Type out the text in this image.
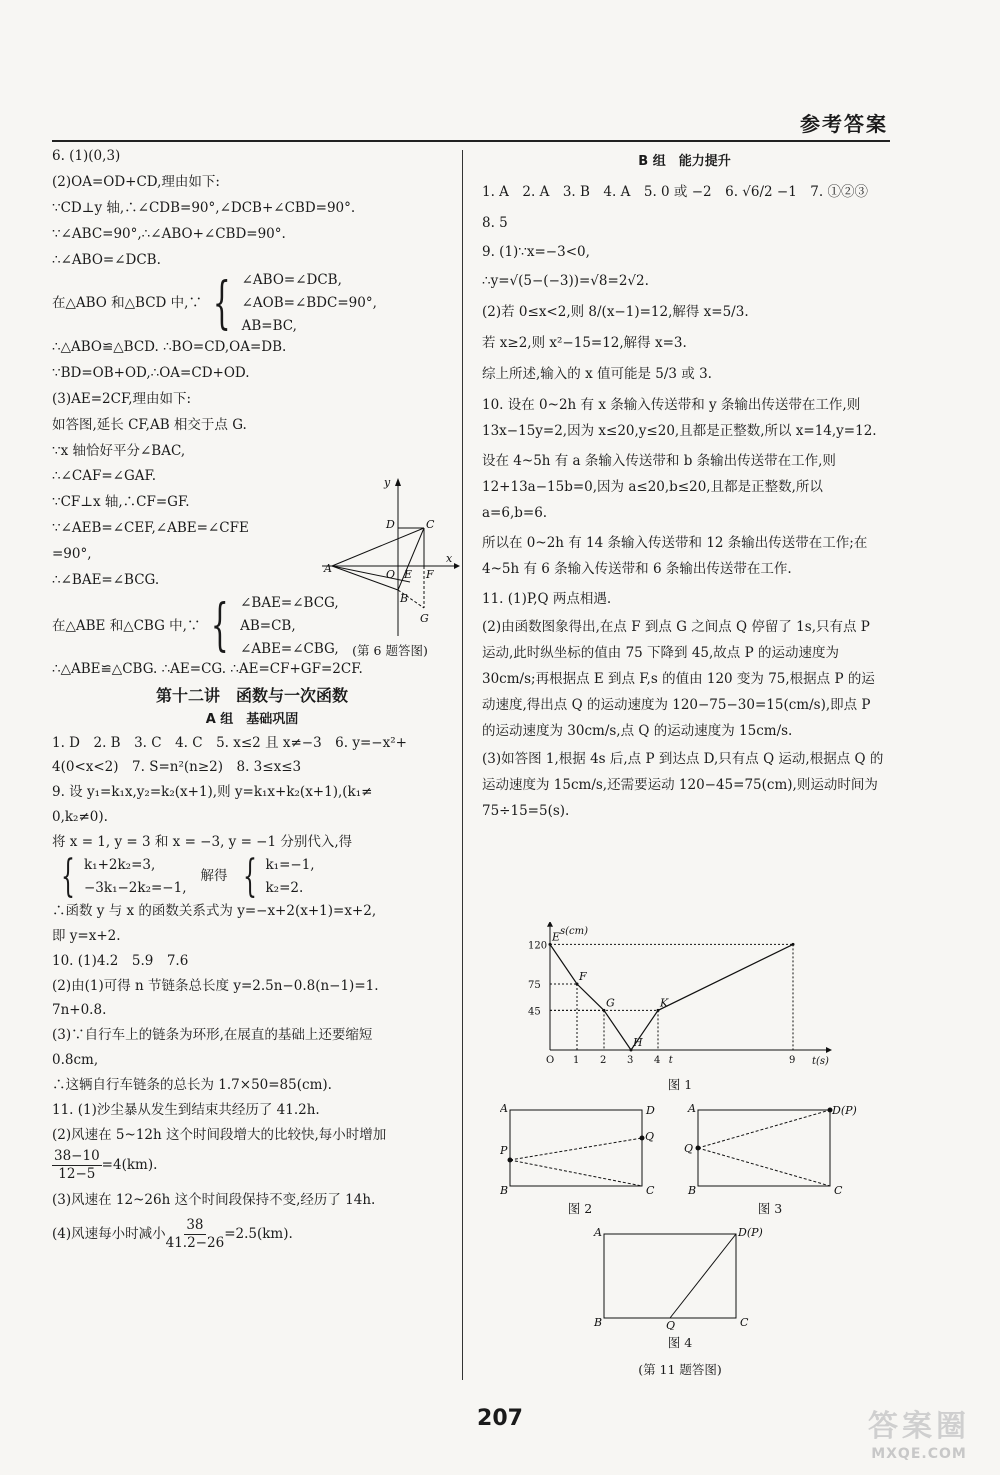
参考答案

6. (1)(0,3)

(2)OA=OD+CD,理由如下:

∵CD⊥y 轴,∴∠CDB=90°,∠DCB+∠CBD=90°.

∵∠ABC=90°,∴∠ABO+∠CBD=90°.

∴∠ABO=∠DCB.

在△ABO 和△BCD 中,∵ { ∠ABO=∠DCB,
∠AOB=∠BDC=90°,
AB=BC,

∴△ABO≌△BCD. ∴BO=CD,OA=DB.

∵BD=OB+OD,∴OA=CD+OD.

(3)AE=2CF,理由如下:

如答图,延长 CF,AB 相交于点 G.

∵x 轴恰好平分∠BAC,

∴∠CAF=∠GAF.

∵CF⊥x 轴,∴CF=GF.

∵∠AEB=∠CEF,∠ABE=∠CFE

=90°,

∴∠BAE=∠BCG.

在△ABE 和△CBG 中,∵ { ∠BAE=∠BCG,
AB=CB,
∠ABE=∠CBG,

∴△ABE≌△CBG. ∴AE=CG. ∴AE=CF+GF=2CF.

第十二讲　函数与一次函数
A 组　基础巩固

1. D　2. B　3. C　4. C　5. x≤2 且 x≠−3　6. y=−x²+

4(0<x<2)　7. S=n²(n≥2)　8. 3≤x≤3

9. 设 y₁=k₁x,y₂=k₂(x+1),则 y=k₁x+k₂(x+1),(k₁≠

0,k₂≠0).

将 x = 1, y = 3 和 x = −3, y = −1 分别代入,得

{ k₁+2k₂=3,
−3k₁−2k₂=−1,
解得 { k₁=−1,
k₂=2.

∴函数 y 与 x 的函数关系式为 y=−x+2(x+1)=x+2,

即 y=x+2.

10. (1)4.2　5.9　7.6

(2)由(1)可得 n 节链条总长度 y=2.5n−0.8(n−1)=1.

7n+0.8.

(3)∵自行车上的链条为环形,在展直的基础上还要缩短

0.8cm,

∴这辆自行车链条的总长为 1.7×50=85(cm).

11. (1)沙尘暴从发生到结束共经历了 41.2h.

(2)风速在 5~12h 这个时间段增大的比较快,每小时增加

$\frac{38-10}{12-5} =4(km)$.

(3)风速在 12~26h 这个时间段保持不变,经历了 14h.

(4)风速每小时减小 $\frac{38}{41.2-26} =2.5(km)$.
y
x
D	C
A	O E F
B
G
(第 6 题答图)
B 组　能力提升

1. A　2. A　3. B　4. A　5. 0 或 −2　6. √6/2 −1　7. ①②③

8. 5

9. (1)∵x=−3<0,

∴y=√(5−(−3))=√8=2√2.

(2)若 0≤x<2,则 8/(x−1)=12,解得 x=5/3.

若 x≥2,则 x²−15=12,解得 x=3.

综上所述,输入的 x 值可能是 5/3 或 3.

10. 设在 0~2h 有 x 条输入传送带和 y 条输出传送带在工作,则 13x−15y=2,因为 x≤20,y≤20,且都是正整数,所以 x=14,y=12.

设在 4~5h 有 a 条输入传送带和 b 条输出传送带在工作,则 12+13a−15b=0,因为 a≤20,b≤20,且都是正整数,所以 a=6,b=6.

所以在 0~2h 有 14 条输入传送带和 12 条输出传送带在工作;在 4~5h 有 6 条输入传送带和 6 条输出传送带在工作.

11. (1)P,Q 两点相遇.

(2)由函数图象得出,在点 F 到点 G 之间点 Q 停留了 1s,只有点 P 运动,此时纵坐标的值由 75 下降到 45,故点 P 的运动速度为 30cm/s;再根据点 E 到点 F,s 的值由 120 变为 75,根据点 P 的运动速度,得出点 Q 的运动速度为 120−75−30=15(cm/s),即点 P 的运动速度为 30cm/s,点 Q 的运动速度为 15cm/s.

(3)如答图 1,根据 4s 后,点 P 到达点 D,只有点 Q 运动,根据点 Q 的运动速度为 15cm/s,还需要运动 120−45=75(cm),则运动时间为 75÷15=5(s).

s(cm)
t(s)
t
E
F
G
H
K
O 1 2 3 4	9
45
75
120
图 1
A	D
P
Q
B	C
图 2
A	D(P)
Q
B	C
图 3
A	D(P)
B	Q	C
图 4
(第 11 题答图)
207	答案圈
MXQE.COM
